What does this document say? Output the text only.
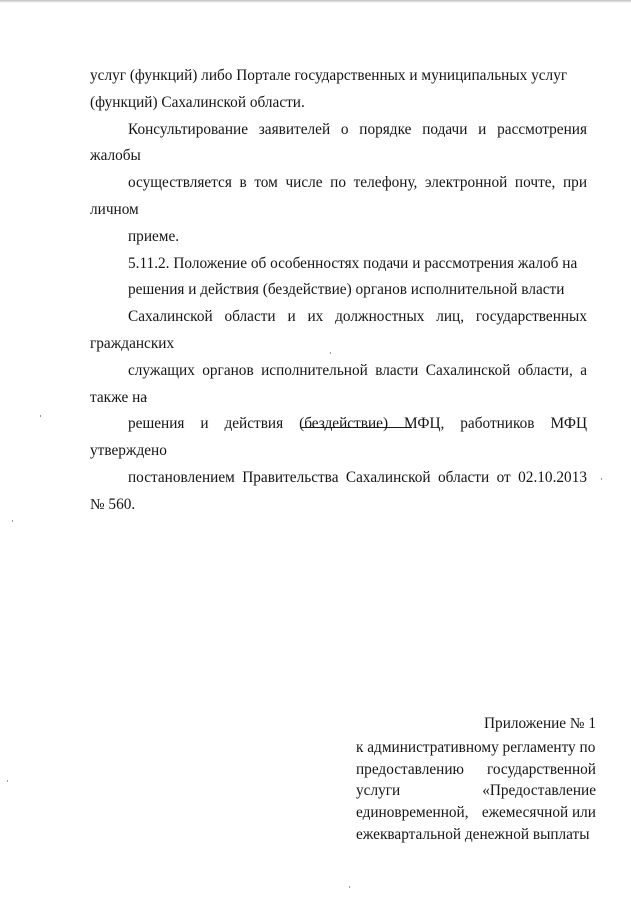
услуг (функций) либо Портале государственных и муниципальных услуг
(функций) Сахалинской области.

Консультирование заявителей о порядке подачи и рассмотрения жалобы
осуществляется в том числе по телефону, электронной почте, при личном
приеме.

5.11.2. Положение об особенностях подачи и рассмотрения жалоб на
решения и действия (бездействие) органов исполнительной власти
Сахалинской области и их должностных лиц, государственных гражданских
служащих органов исполнительной власти Сахалинской области, а также на
решения и действия (бездействие) МФЦ, работников МФЦ утверждено
постановлением Правительства Сахалинской области от 02.10.2013 № 560.

Приложение № 1
к административному регламенту по
предоставлению государственной
услуги	«Предоставление
единовременной, ежемесячной или
ежеквартальной денежной выплаты
